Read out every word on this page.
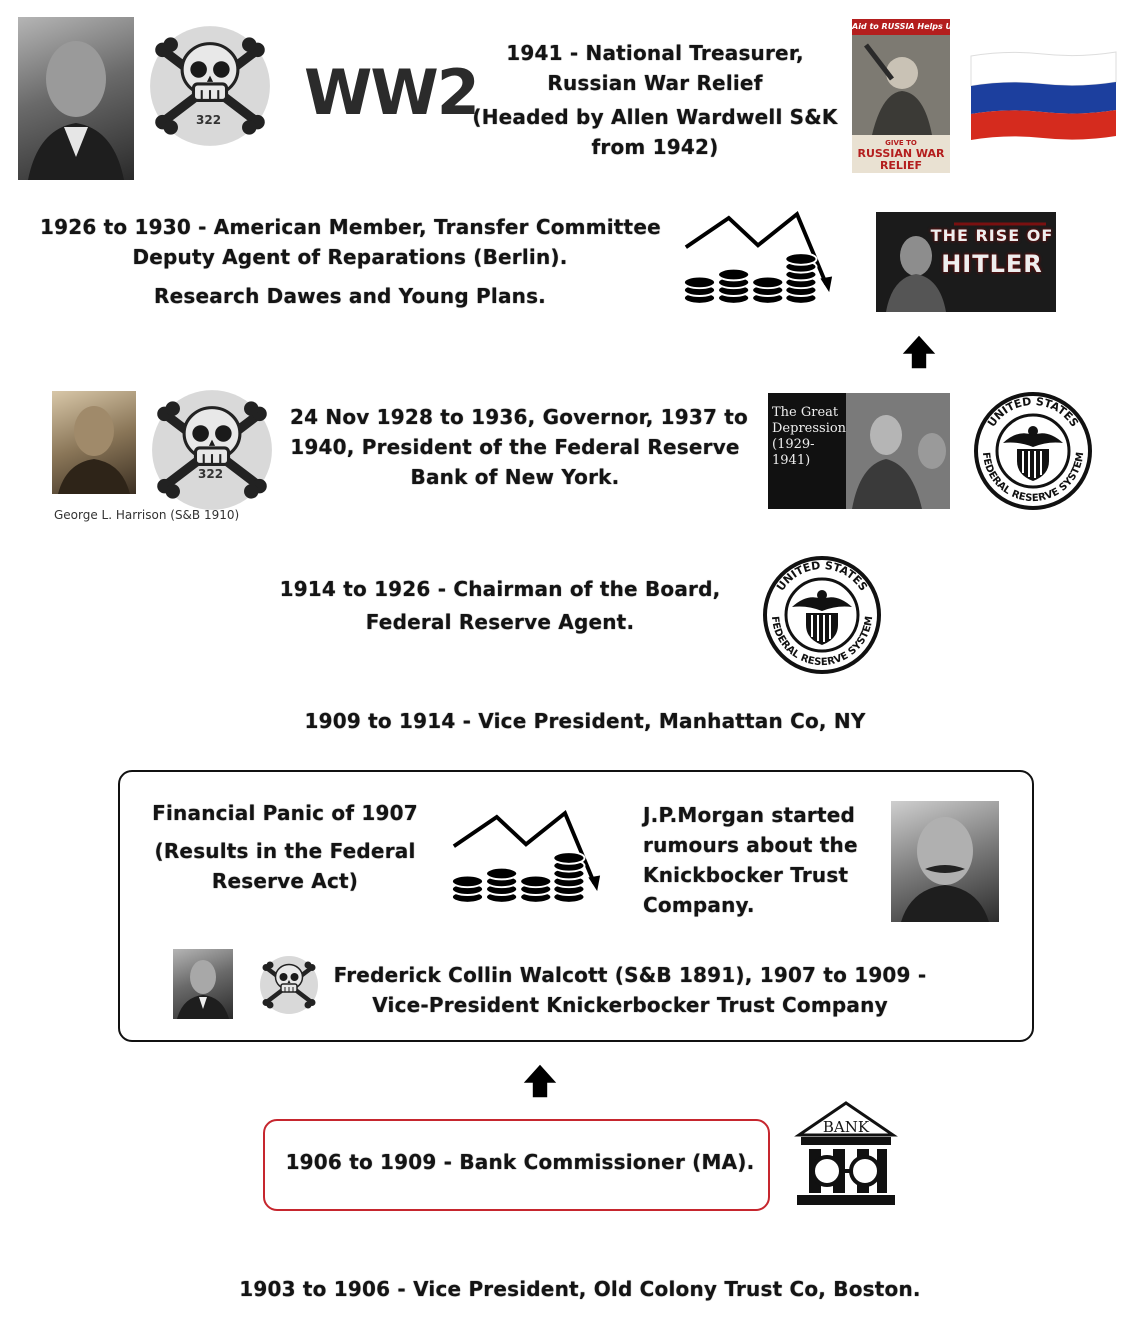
322 WW2
1941 - National Treasurer,
Russian War Relief
(Headed by Allen Wardwell S&K
from 1942)
Aid to RUSSIA Helps US!
GIVE TO
RUSSIAN WAR RELIEF
1926 to 1930 - American Member, Transfer Committee
Deputy Agent of Reparations (Berlin).
Research Dawes and Young Plans.
THE RISE OF
HITLER
George L. Harrison (S&B 1910)
322
24 Nov 1928 to 1936, Governor, 1937 to
1940, President of the Federal Reserve
Bank of New York.
The Great
Depression
(1929-1941)
UNITED STATES
FEDERAL RESERVE SYSTEM
1914 to 1926 - Chairman of the Board,
Federal Reserve Agent.
UNITED STATES
FEDERAL RESERVE SYSTEM
1909 to 1914 - Vice President, Manhattan Co, NY
Financial Panic of 1907
(Results in the Federal
Reserve Act)
J.P.Morgan started
rumours about the
Knickbocker Trust
Company.
Frederick Collin Walcott (S&B 1891), 1907 to 1909 -
Vice-President Knickerbocker Trust Company
1906 to 1909 - Bank Commissioner (MA).
BANK
1903 to 1906 - Vice President, Old Colony Trust Co, Boston.
